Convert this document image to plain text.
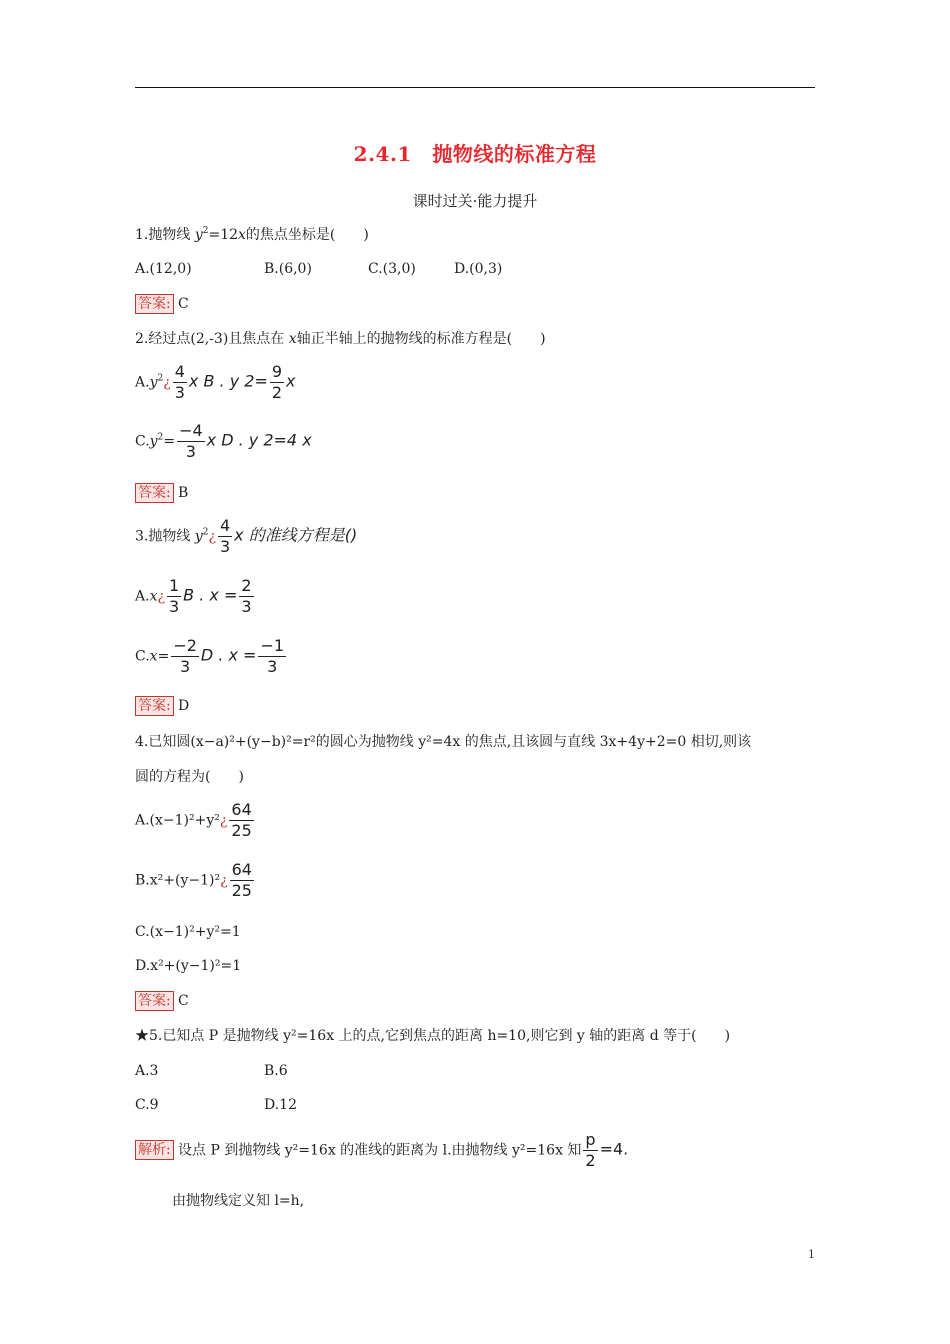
2.4.1　抛物线的标准方程
课时过关·能力提升
1.抛物线 $y^2=12x$的焦点坐标是(　　)
A.(12,0)	B.(6,0)	C.(3,0)	D.(0,3)
答案: C
2.经过点(2,-3)且焦点在 x轴正半轴上的抛物线的标准方程是(　　)
$A.y^2¿ \frac{4}{3}$ x B . y $2= \frac{9}{2}$ x
$C.y^2= \frac{-4}{3}$ x D . y 2=4 x
答案: B
3.抛物线 $y^2¿ \frac{4}{3}$ x 的准线方程是()
A.x¿ $\frac{1}{3}$ B . $x = \frac{2}{3}$
$C.x= \frac{-2}{3}$ D . $x = \frac{-1}{3}$
答案: D
4.已知圆(x−a)²+(y−b)²=r²的圆心为抛物线 y²=4x 的焦点,且该圆与直线 3x+4y+2=0 相切,则该
圆的方程为(　　)
A.(x−1)²+y²¿ $\frac{64}{25}$
B.x²+(y−1)²¿ $\frac{64}{25}$
C.(x−1)²+y²=1
D.x²+(y−1)²=1
答案: C
★5.已知点 P 是抛物线 y²=16x 上的点,它到焦点的距离 h=10,则它到 y 轴的距离 d 等于(　　)
A.3	B.6
C.9	D.12
解析: 设点 P 到抛物线 y²=16x 的准线的距离为 l.由抛物线 y²=16x 知 $\frac{p}{2} =4$.
由抛物线定义知 l=h,
1
